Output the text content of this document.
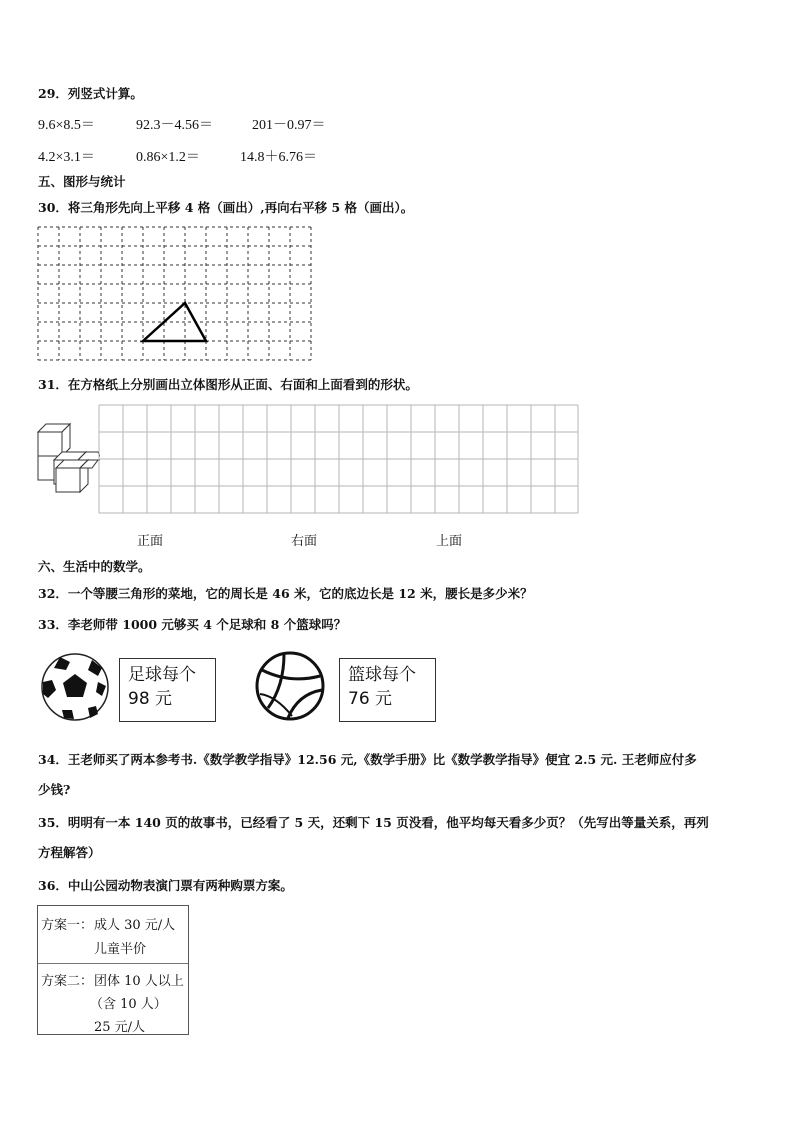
29．列竖式计算。
9.6×8.5＝	92.3－4.56＝	201－0.97＝
4.2×3.1＝	0.86×1.2＝	14.8＋6.76＝
五、图形与统计
30．将三角形先向上平移 4 格（画出）,再向右平移 5 格（画出）。
31．在方格纸上分别画出立体图形从正面、右面和上面看到的形状。
正面	右面	上面
六、生活中的数学。
32．一个等腰三角形的菜地，它的周长是 46 米，它的底边长是 12 米，腰长是多少米？
33．李老师带 1000 元够买 4 个足球和 8 个篮球吗？
足球每个
98 元
篮球每个
76 元
34．王老师买了两本参考书.《数学教学指导》12.56 元,《数学手册》比《数学教学指导》便宜 2.5 元. 王老师应付多
少钱?
35．明明有一本 140 页的故事书，已经看了 5 天，还剩下 15 页没看，他平均每天看多少页？（先写出等量关系，再列
方程解答）
36．中山公园动物表演门票有两种购票方案。
方案一： 成人 30 元/人
儿童半价
方案二： 团体 10 人以上
（含 10 人）
25 元/人
